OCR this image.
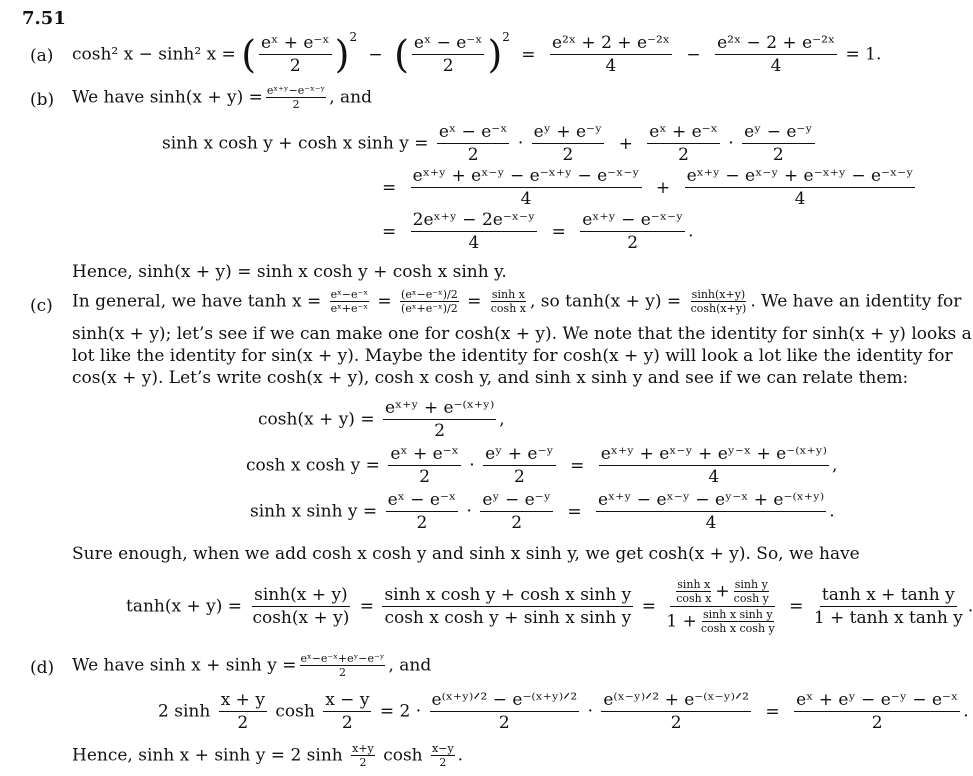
7.51
(a) cosh² x − sinh² x = ( $\frac{\text{eˣ + e⁻ˣ}}{2} )^2$ − ( $\frac{\text{eˣ − e⁻ˣ}}{2} )^2 = \frac{\text{e²ˣ + 2 + e⁻²ˣ}}{4} - \frac{\text{e²ˣ − 2 + e⁻²ˣ}}{4} = 1$.
(b) We have $\sinh(x + y) = \frac{\text{eˣ⁺ʸ−e⁻ˣ⁻ʸ}}{2}$ , and
sinh x cosh y + cosh x $\sinh y = \frac{\text{eˣ − e⁻ˣ}}{2} \cdot \frac{\text{eʸ + e⁻ʸ}}{2} + \frac{\text{eˣ + e⁻ˣ}}{2} \cdot \frac{\text{eʸ − e⁻ʸ}}{2}$
= $\frac{\text{eˣ⁺ʸ + eˣ⁻ʸ − e⁻ˣ⁺ʸ − e⁻ˣ⁻ʸ}}{4} + \frac{\text{eˣ⁺ʸ − eˣ⁻ʸ + e⁻ˣ⁺ʸ − e⁻ˣ⁻ʸ}}{4}$
= $\frac{\text{2eˣ⁺ʸ − 2e⁻ˣ⁻ʸ}}{4} = \frac{\text{eˣ⁺ʸ − e⁻ˣ⁻ʸ}}{2}$ .
Hence, sinh(x + y) = sinh x cosh y + cosh x sinh y.
(c) In general, we have $\tanh x = \frac{\text{eˣ−e⁻ˣ}}{\text{eˣ+e⁻ˣ}} = \frac{\text{(eˣ−e⁻ˣ)/2}}{\text{(eˣ+e⁻ˣ)/2}} = \frac{\text{sinh x}}{\text{cosh x}}$ , so $\tanh(x + y) = \frac{\sinh(x+y)}{\cosh(x+y)}$ . We have an identity for
sinh(x + y); let’s see if we can make one for cosh(x + y). We note that the identity for sinh(x + y) looks a
lot like the identity for sin(x + y). Maybe the identity for cosh(x + y) will look a lot like the identity for
cos(x + y). Let’s write cosh(x + y), cosh x cosh y, and sinh x sinh y and see if we can relate them:
$\cosh(x + y) = \frac{\text{eˣ⁺ʸ + e⁻⁽ˣ⁺ʸ⁾}}{2}$ ,
cosh x $\cosh y = \frac{\text{eˣ + e⁻ˣ}}{2} \cdot \frac{\text{eʸ + e⁻ʸ}}{2} = \frac{\text{eˣ⁺ʸ + eˣ⁻ʸ + eʸ⁻ˣ + e⁻⁽ˣ⁺ʸ⁾}}{4}$ ,
sinh x $\sinh y = \frac{\text{eˣ − e⁻ˣ}}{2} \cdot \frac{\text{eʸ − e⁻ʸ}}{2} = \frac{\text{eˣ⁺ʸ − eˣ⁻ʸ − eʸ⁻ˣ + e⁻⁽ˣ⁺ʸ⁾}}{4}$ .
Sure enough, when we add cosh x cosh y and sinh x sinh y, we get cosh(x + y). So, we have
$\tanh(x + y) = \frac{\sinh(x + y)}{\cosh(x + y)} = \frac{\text{sinh x cosh y + cosh x sinh y}}{\text{cosh x cosh y + sinh x sinh y}} = \frac{\frac{\text{sinh x}}{\text{cosh x}} + \frac{\text{sinh y}}{\text{cosh y}}}{1 + \frac{\text{sinh x sinh y}}{\text{cosh x cosh y}}} = \frac{\text{tanh x + tanh y}}{\text{1 + tanh x tanh y}}$ .
(d) We have $\sinh x + \sinh y = \frac{\text{eˣ−e⁻ˣ+eʸ−e⁻ʸ}}{2}$ , and
2 $\sinh \frac{x + y}{2}$ $\cosh \frac{x - y}{2} = 2 \cdot \frac{\text{e⁽ˣ⁺ʸ⁾ᐟ² − e⁻⁽ˣ⁺ʸ⁾ᐟ²}}{2} \cdot \frac{\text{e⁽ˣ⁻ʸ⁾ᐟ² + e⁻⁽ˣ⁻ʸ⁾ᐟ²}}{2} = \frac{\text{eˣ + eʸ − e⁻ʸ − e⁻ˣ}}{2}$ .
Hence, sinh x + sinh y = 2 $\sinh \frac{x+y}{2}$ $\cosh \frac{x-y}{2}$ .
